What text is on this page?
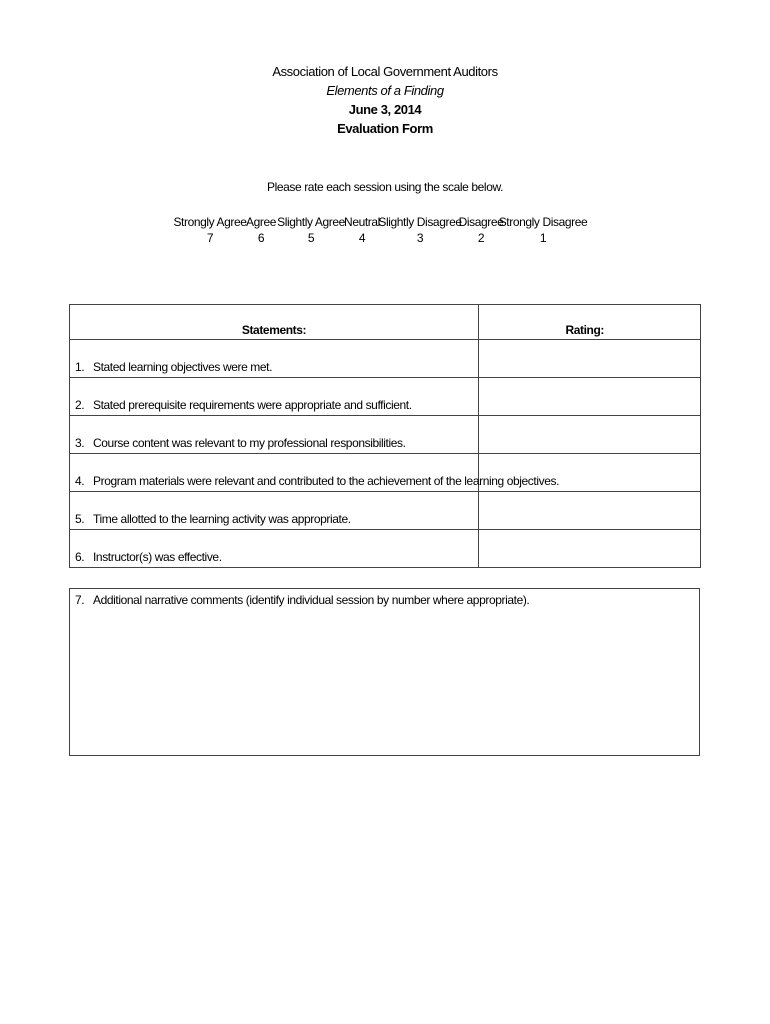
Association of Local Government Auditors
Elements of a Finding
June 3, 2014
Evaluation Form
Please rate each session using the scale below.
Strongly Agree
7
Agree
6
Slightly Agree
5
Neutral
4
Slightly Disagree
3
Disagree
2
Strongly Disagree
1
Statements:	Rating:
1. Stated learning objectives were met.	
2. Stated prerequisite requirements were appropriate and sufficient.	
3. Course content was relevant to my professional responsibilities.	
4. Program materials were relevant and contributed to the achievement of the learning objectives.	
5. Time allotted to the learning activity was appropriate.	
6. Instructor(s) was effective.	
7. Additional narrative comments (identify individual session by number where appropriate).
